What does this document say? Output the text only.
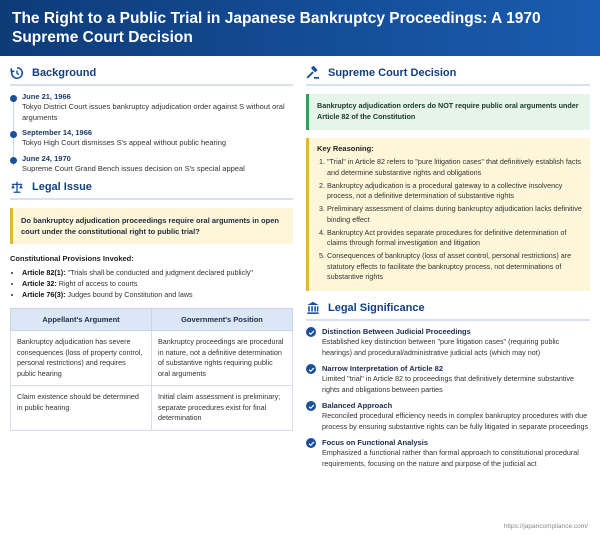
The Right to a Public Trial in Japanese Bankruptcy Proceedings: A 1970 Supreme Court Decision
Background
June 21, 1966
Tokyo District Court issues bankruptcy adjudication order against S without oral arguments
September 14, 1966
Tokyo High Court dismisses S's appeal without public hearing
June 24, 1970
Supreme Court Grand Bench issues decision on S's special appeal
Legal Issue
Do bankruptcy adjudication proceedings require oral arguments in open court under the constitutional right to public trial?
Constitutional Provisions Invoked:
• Article 82(1): "Trials shall be conducted and judgment declared publicly"
• Article 32: Right of access to courts
• Article 76(3): Judges bound by Constitution and laws
Appellant's Argument	Government's Position
Bankruptcy adjudication has severe consequences (loss of property control, personal restrictions) and requires public hearing	Bankruptcy proceedings are procedural in nature, not a definitive determination of substantive rights requiring public oral arguments
Claim existence should be determined in public hearing	Initial claim assessment is preliminary; separate procedures exist for final determination
Supreme Court Decision
Bankruptcy adjudication orders do NOT require public oral arguments under Article 82 of the Constitution
Key Reasoning:
1. "Trial" in Article 82 refers to "pure litigation cases" that definitively establish facts and determine substantive rights and obligations
2. Bankruptcy adjudication is a procedural gateway to a collective insolvency process, not a definitive determination of substantive rights
3. Preliminary assessment of claims during bankruptcy adjudication lacks definitive binding effect
4. Bankruptcy Act provides separate procedures for definitive determination of claims through formal investigation and litigation
5. Consequences of bankruptcy (loss of asset control, personal restrictions) are statutory effects to facilitate the bankruptcy process, not determinations of substantive rights
Legal Significance
Distinction Between Judicial Proceedings
Established key distinction between "pure litigation cases" (requiring public hearings) and procedural/administrative judicial acts (which may not)
Narrow Interpretation of Article 82
Limited "trial" in Article 82 to proceedings that definitively determine substantive rights and obligations between parties
Balanced Approach
Reconciled procedural efficiency needs in complex bankruptcy procedures with due process by ensuring substantive rights can be fully litigated in separate proceedings
Focus on Functional Analysis
Emphasized a functional rather than formal approach to constitutional procedural requirements, focusing on the nature and purpose of the judicial act
https://japancompliance.com/
